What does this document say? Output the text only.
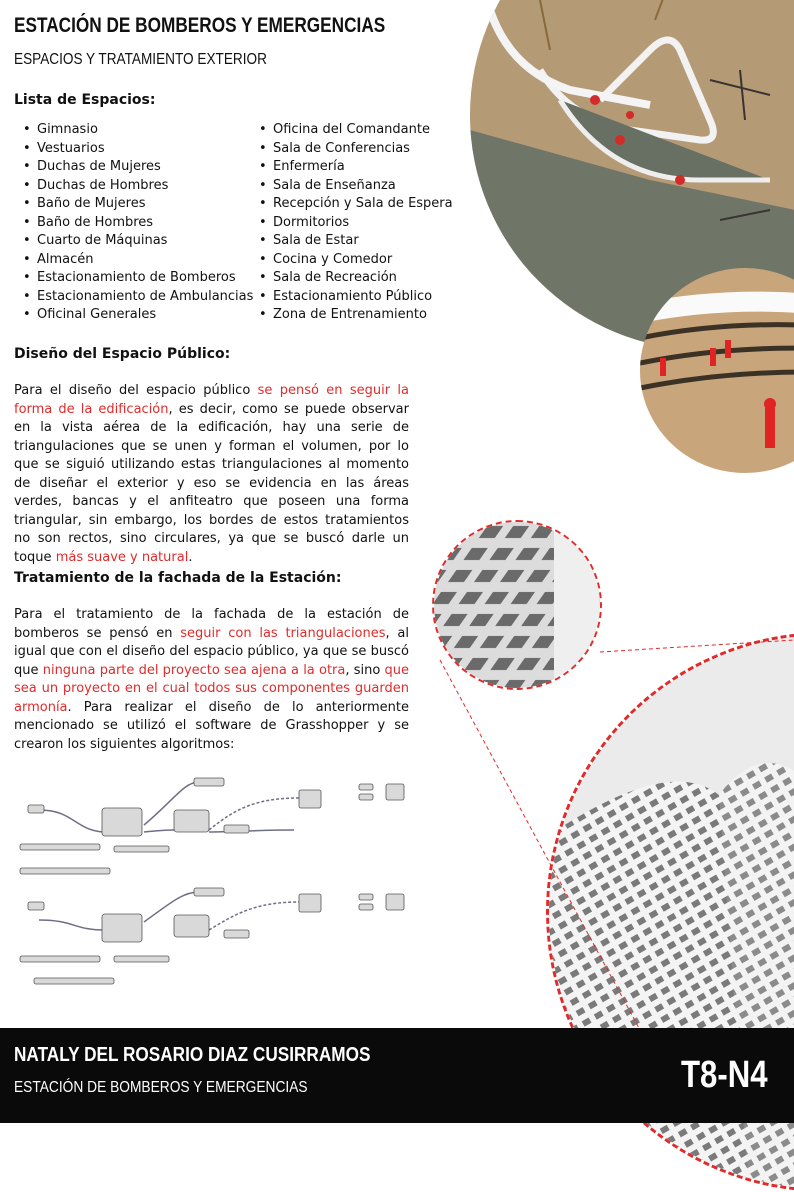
ESTACIÓN DE BOMBEROS Y EMERGENCIAS
ESPACIOS Y TRATAMIENTO EXTERIOR
Lista de Espacios:
• Gimnasio
• Vestuarios
• Duchas de Mujeres
• Duchas de Hombres
• Baño de Mujeres
• Baño de Hombres
• Cuarto de Máquinas
• Almacén
• Estacionamiento de Bomberos
• Estacionamiento de Ambulancias
• Oficinal Generales
• Oficina del Comandante
• Sala de Conferencias
• Enfermería
• Sala de Enseñanza
• Recepción y Sala de Espera
• Dormitorios
• Sala de Estar
• Cocina y Comedor
• Sala de Recreación
• Estacionamiento Público
• Zona de Entrenamiento
Diseño del Espacio Público:
Para el diseño del espacio público se pensó en seguir la forma de la edificación, es decir, como se puede observar en la vista aérea de la edificación, hay una serie de triangulaciones que se unen y forman el volumen, por lo que se siguió utilizando estas triangulaciones al momento de diseñar el exterior y eso se evidencia en las áreas verdes, bancas y el anfiteatro que poseen una forma triangular, sin embargo, los bordes de estos tratamientos no son rectos, sino circulares, ya que se buscó darle un toque más suave y natural.
Tratamiento de la fachada de la Estación:
Para el tratamiento de la fachada de la estación de bomberos se pensó en seguir con las triangulaciones, al igual que con el diseño del espacio público, ya que se buscó que ninguna parte del proyecto sea ajena a la otra, sino que sea un proyecto en el cual todos sus componentes guarden armonía. Para realizar el diseño de lo anteriormente mencionado se utilizó el software de Grasshopper y se crearon los siguientes algoritmos:
NATALY DEL ROSARIO DIAZ CUSIRRAMOS
ESTACIÓN DE BOMBEROS Y EMERGENCIAS	T8-N4
